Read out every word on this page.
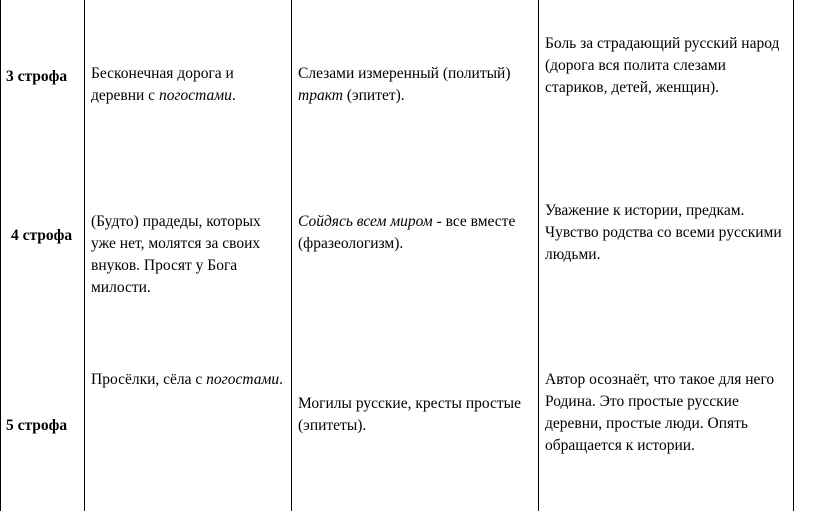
3 строфа Бесконечная дорога и деревни с погостами.
Слезами измеренный (политый) тракт (эпитет).
Боль за страдающий русский народ (дорога вся полита слезами стариков, детей, женщин).
4 строфа
(Будто) прадеды, которых уже нет, молятся за своих внуков. Просят у Бога милости.
Сойдясь всем миром - все вместе (фразеологизм).
Уважение к истории, предкам. Чувство родства со всеми русскими людьми.
5 строфа
Просёлки, сёла с погостами.
Могилы русские, кресты простые (эпитеты).
Автор осознаёт, что такое для него Родина. Это простые русские деревни, простые люди. Опять обращается к истории.
